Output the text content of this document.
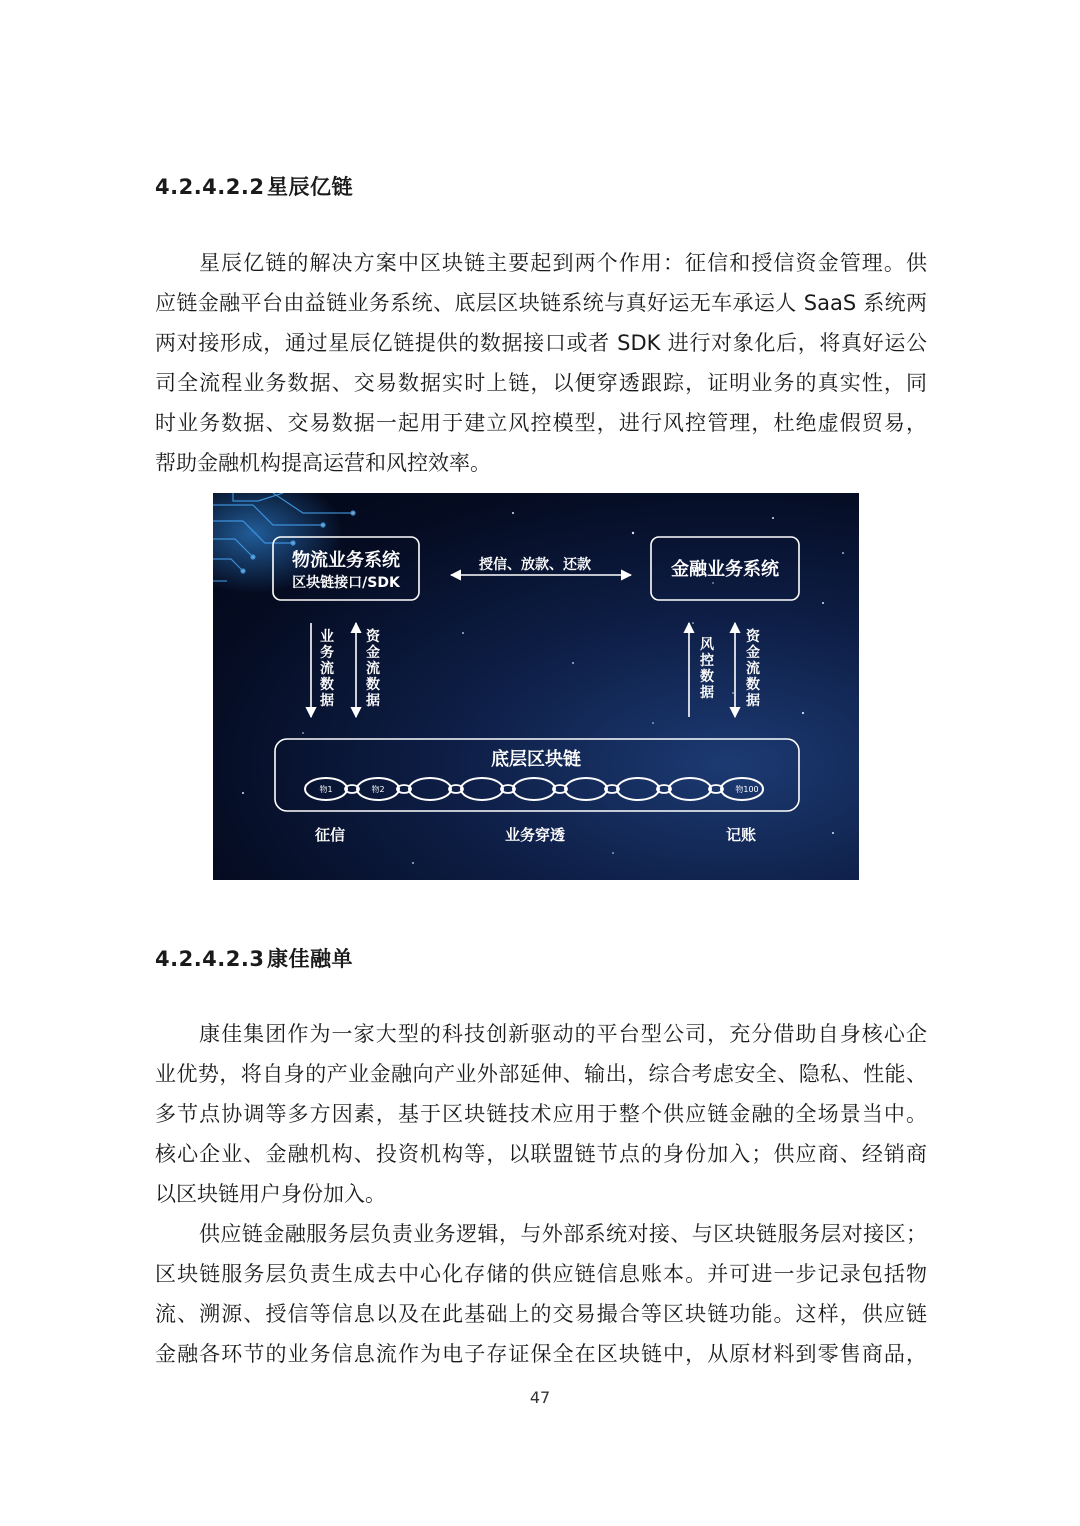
4.2.4.2.2 星辰亿链
星辰亿链的解决方案中区块链主要起到两个作用：征信和授信资金管理。供
应链金融平台由益链业务系统、底层区块链系统与真好运无车承运人 SaaS 系统两
两对接形成，通过星辰亿链提供的数据接口或者 SDK 进行对象化后，将真好运公
司全流程业务数据、交易数据实时上链，以便穿透跟踪，证明业务的真实性，同
时业务数据、交易数据一起用于建立风控模型，进行风控管理，杜绝虚假贸易，
帮助金融机构提高运营和风控效率。
物流业务系统
区块链接口/SDK
金融业务系统
授信、放款、还款
业务流数据
资金流数据
风控数据
资金流数据
底层区块链
物1	物2	物100
征信	业务穿透	记账
4.2.4.2.3 康佳融单
康佳集团作为一家大型的科技创新驱动的平台型公司，充分借助自身核心企
业优势，将自身的产业金融向产业外部延伸、输出，综合考虑安全、隐私、性能、
多节点协调等多方因素，基于区块链技术应用于整个供应链金融的全场景当中。
核心企业、金融机构、投资机构等，以联盟链节点的身份加入；供应商、经销商
以区块链用户身份加入。
供应链金融服务层负责业务逻辑，与外部系统对接、与区块链服务层对接区；
区块链服务层负责生成去中心化存储的供应链信息账本。并可进一步记录包括物
流、溯源、授信等信息以及在此基础上的交易撮合等区块链功能。这样，供应链
金融各环节的业务信息流作为电子存证保全在区块链中，从原材料到零售商品，
47
